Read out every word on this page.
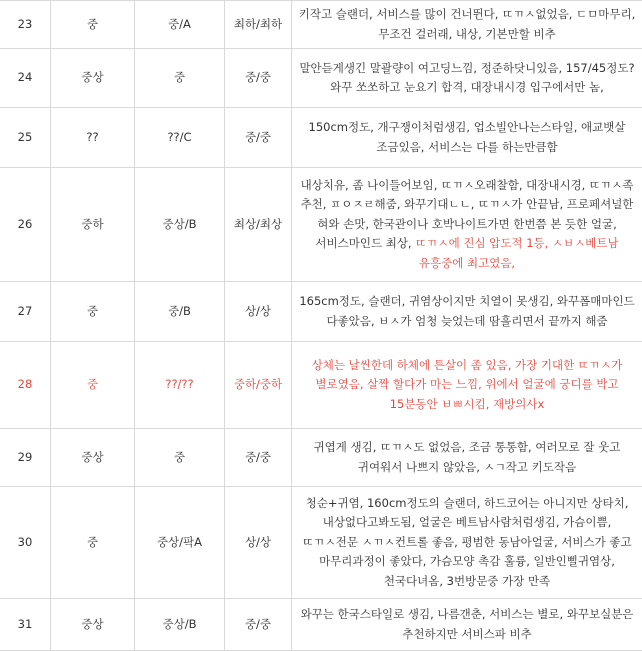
23	중	중/A	최하/최하	키작고 슬랜더, 서비스를 많이 건너뛴다, ㄸㄲㅅ없었음, ㄷㅁ마무리, 무조건 걸러래, 내상, 기본만할 비추
24	중상	중	중/중	말안듣게생긴 말괄량이 여고딩느낌, 정준하닷니있음, 157/45정도? 와꾸 쏘쏘하고 눈요기 합격, 대장내시경 입구에서만 놈,
25	??	??/C	중/중	150cm정도, 개구쟁이처럼생김, 업소빌안나는스타일, 애교뱃살 조금있음, 서비스는 다를 하는만큼함
26	중하	중상/B	최상/최상	내상치유, 좀 나이들어보임, ㄸㄲㅅ오래찰함, 대장내시경, ㄸㄲㅅ족 추천, ㅍㅇㅈㄹ해줌, 와꾸기대ㄴㄴ, ㄸㄲㅅ가 안끝남, 프로페셔널한 혀와 손맛, 한국관이나 호박나이트가면 한번쯤 본 듯한 얼굴, 서비스마인드 최상, ㄸㄲㅅ에 진심 압도적 1등, ㅅㅂㅅ베트남 유흥중에 최고였음,
27	중	중/B	상/상	165cm정도, 슬랜더, 귀염상이지만 치열이 못생김, 와꾸폼매마인드 다좋았음, ㅂㅅ가 엄청 늦었는데 땀흘리면서 끝까지 해줌
28	중	??/??	중하/중하	상체는 날씬한데 하체에 튼살이 좀 있음, 가장 기대한 ㄸㄲㅅ가 별로였음, 살짝 할다가 마는 느낌, 위에서 얼굴에 궁디를 박고 15분동안 ㅂㅃ시킴, 재방의사x
29	중상	중	중/중	귀엽게 생김, ㄸㄲㅅ도 없었음, 조금 통통함, 여러모로 잘 웃고 귀여워서 나쁘지 않았음, ㅅㄱ작고 키도작음
30	중	중상/팍A	상/상	청순+귀염, 160cm정도의 슬랜더, 하드코어는 아니지만 상타치, 내상없다고봐도됨, 얼굴은 베트남사람처럼생김, 가슴이쁨, ㄸㄲㅅ전문 ㅅㄲㅅ컨트롤 좋음, 평범한 동남아얼굴, 서비스가 좋고 마무리과정이 좋았다, 가슴모양 촉감 훌륭, 일반인삘귀염상, 천국다녀옴, 3번방문중 가장 만족
31	중상	중상/B	중/중	와꾸는 한국스타일로 생김, 나름갠춘, 서비스는 별로, 와꾸보실분은 추천하지만 서비스파 비추
